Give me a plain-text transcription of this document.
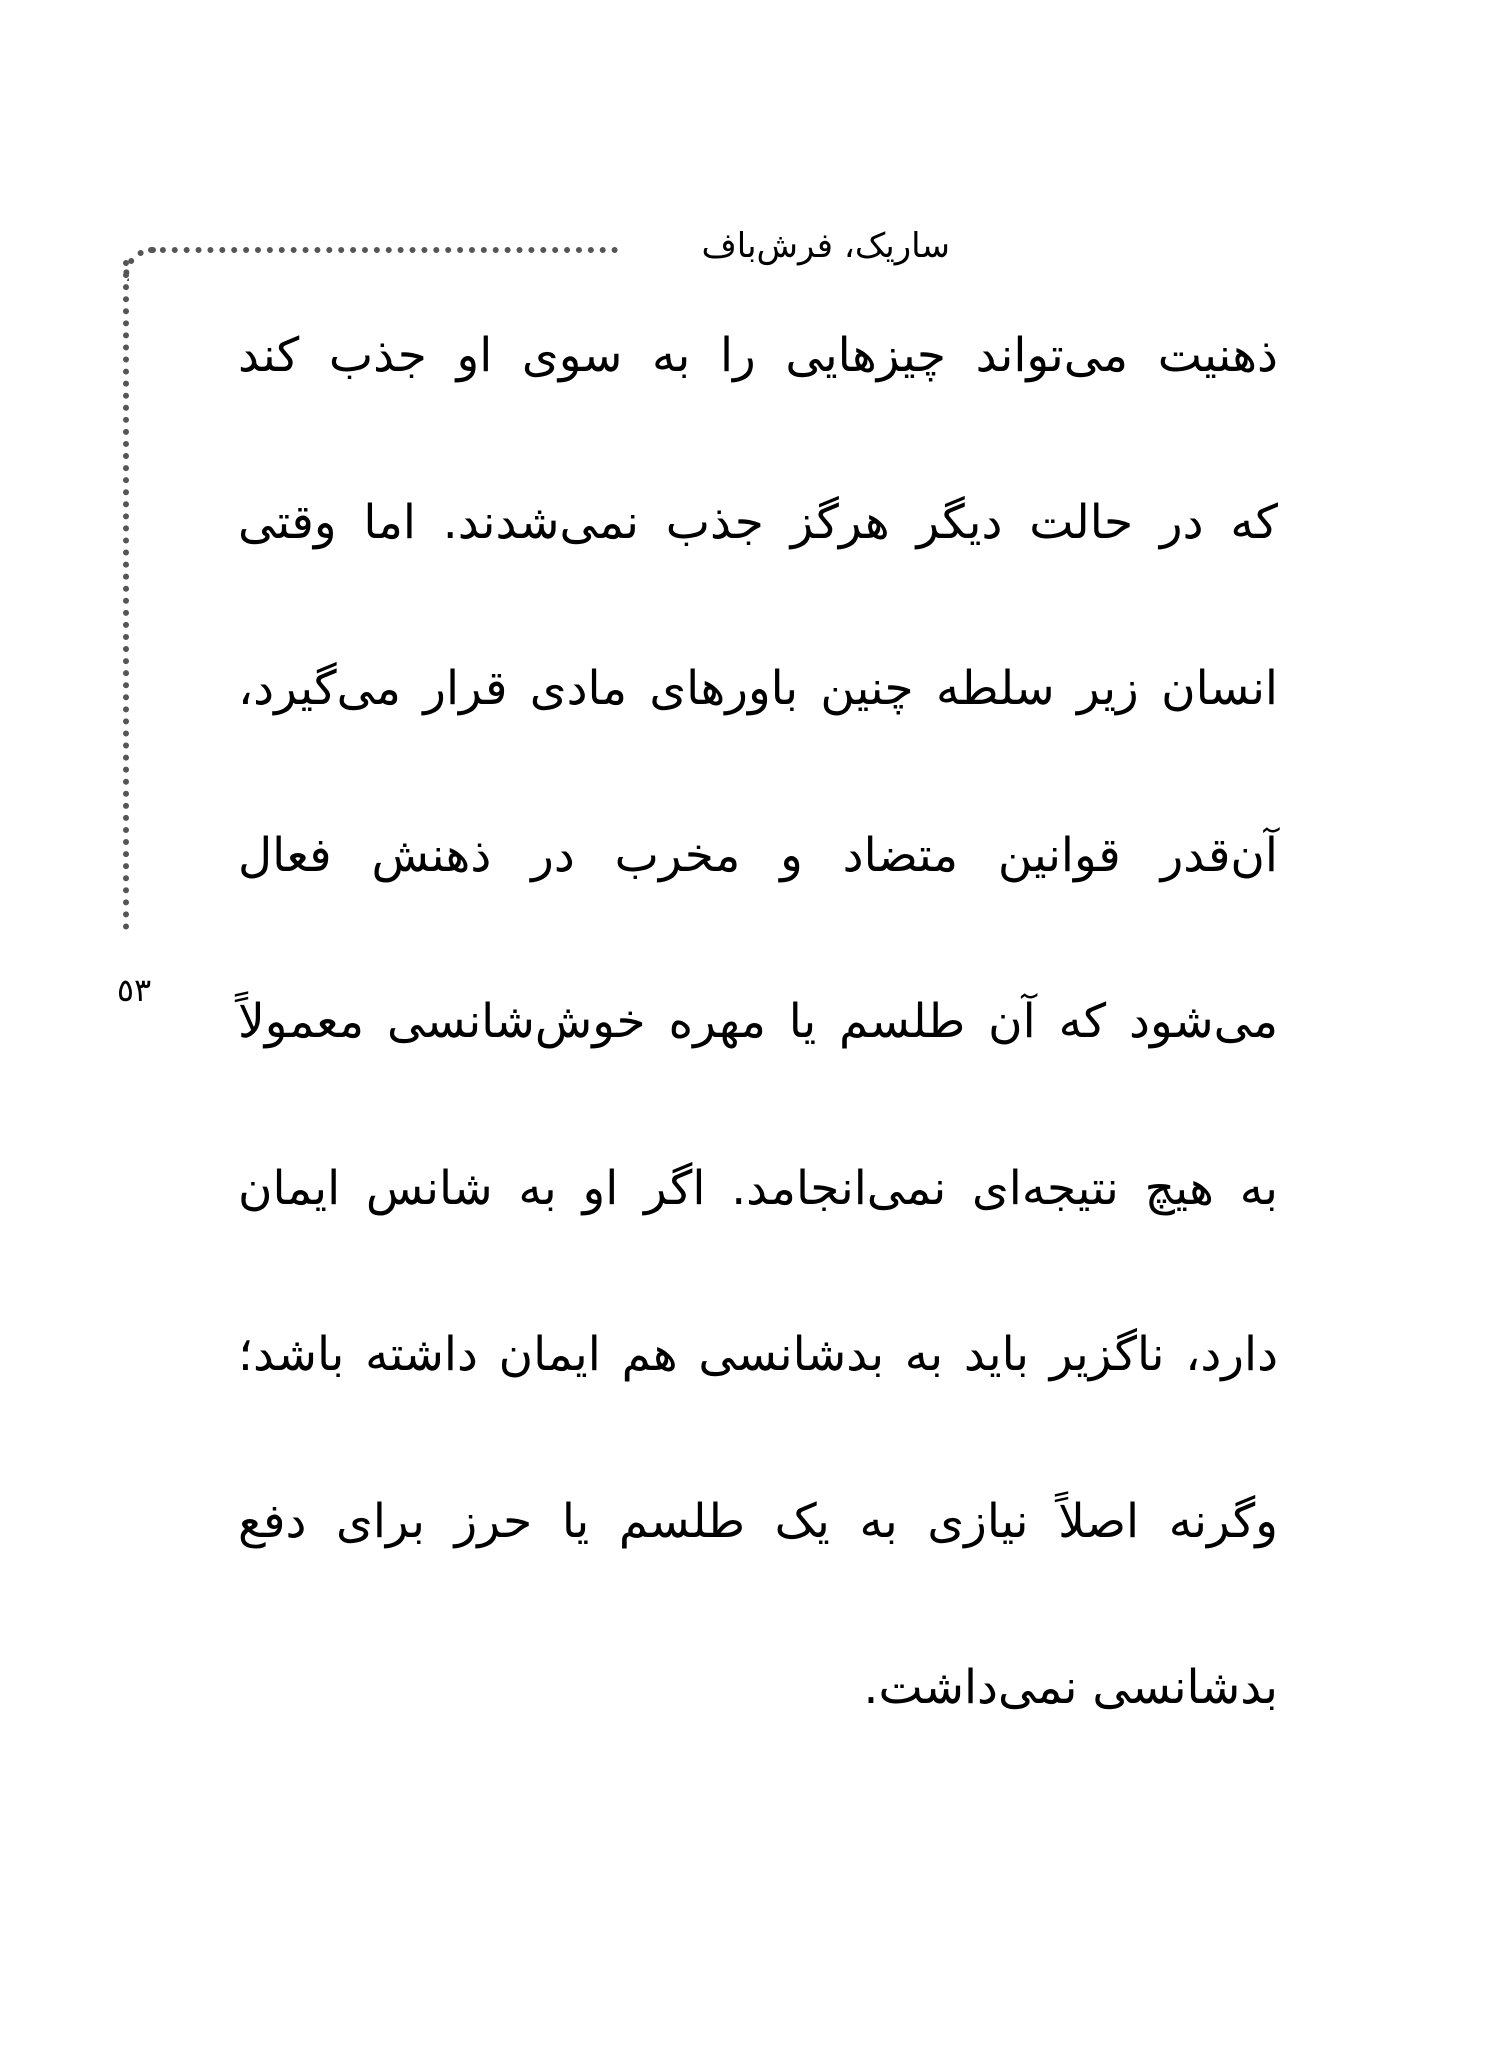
ساریک، فرش‌باف
٥٣
ذهنیت می‌تواند چیزهایی را به سوی او جذب کند
که در حالت دیگر هرگز جذب نمی‌شدند. اما وقتی
انسان زیر سلطه چنین باورهای مادی قرار می‌گیرد،
آن‌قدر قوانین متضاد و مخرب در ذهنش فعال
می‌شود که آن طلسم یا مهره خوش‌شانسی معمولاً
به هیچ نتیجه‌ای نمی‌انجامد. اگر او به شانس ایمان
دارد، ناگزیر باید به بدشانسی هم ایمان داشته باشد؛
وگرنه اصلاً نیازی به یک طلسم یا حرز برای دفع
بدشانسی نمی‌داشت.
